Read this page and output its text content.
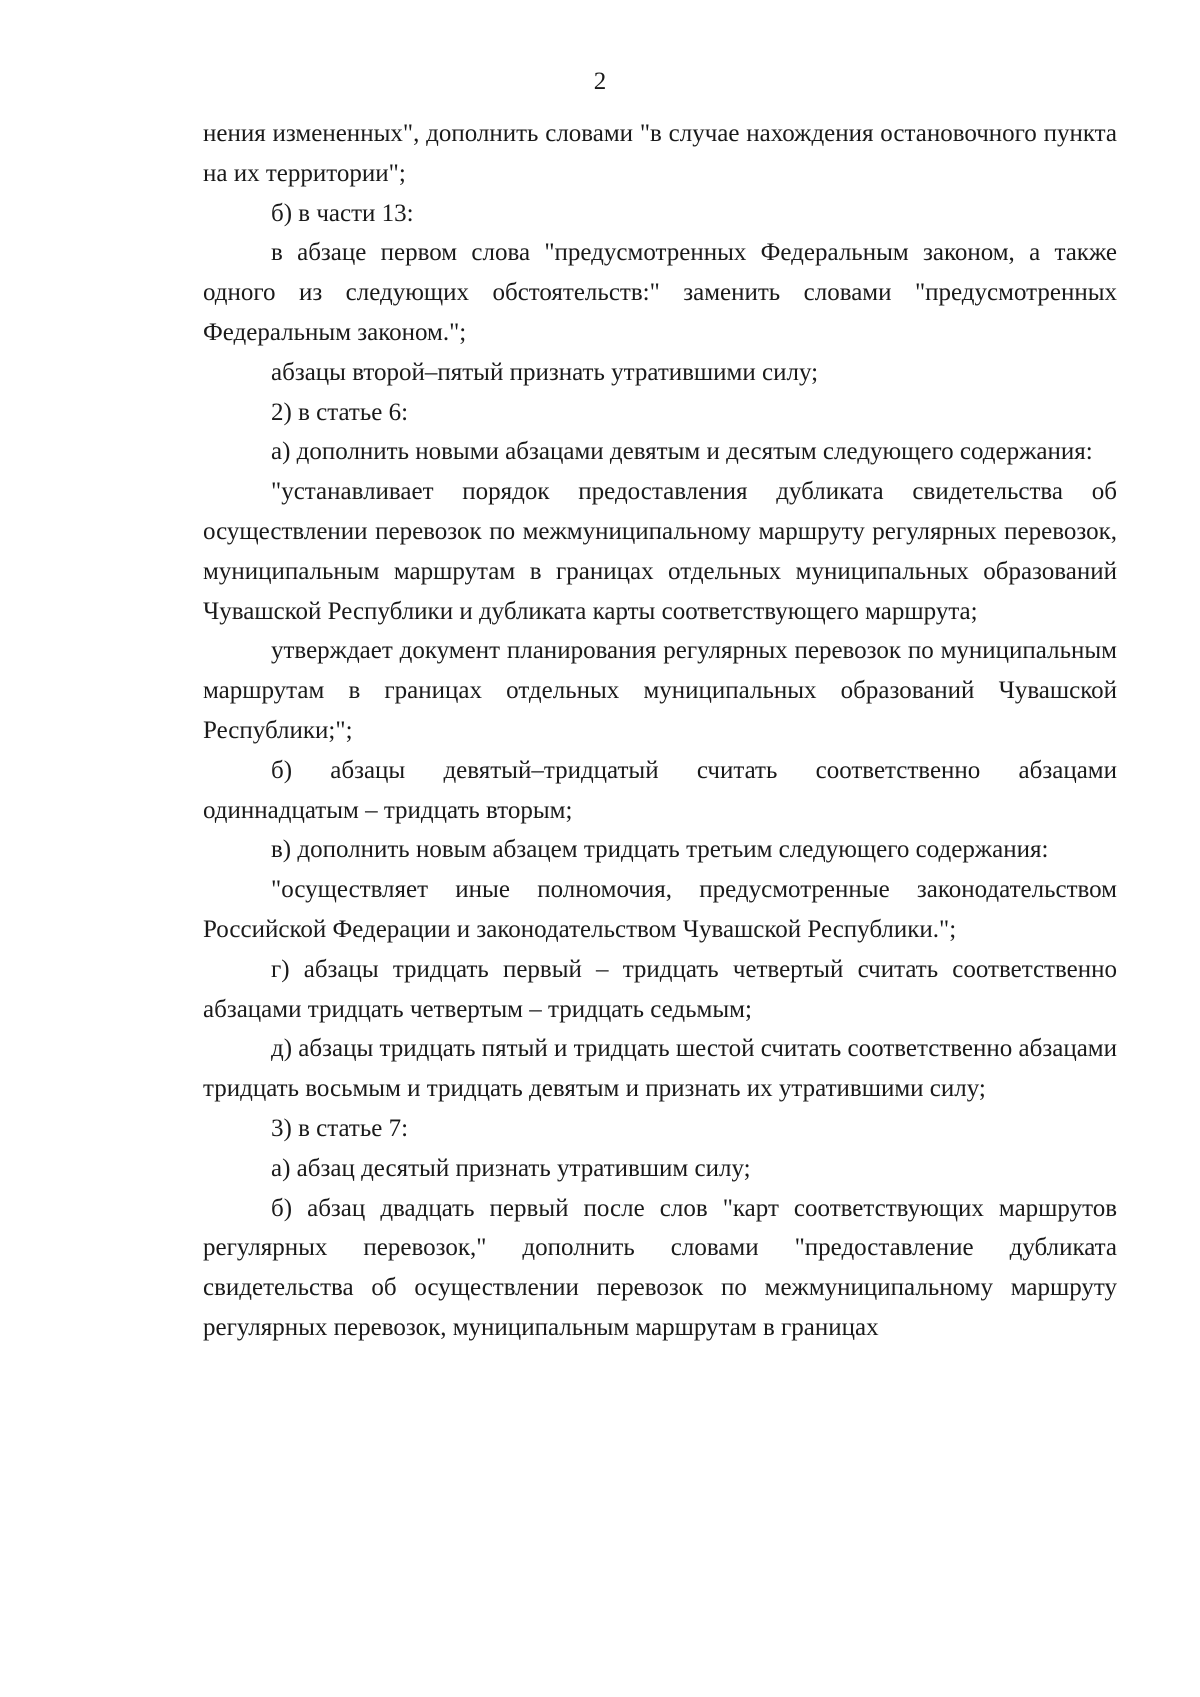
2

нения измененных", дополнить словами "в случае нахождения остановочного пункта на их территории";

б) в части 13:

в абзаце первом слова "предусмотренных Федеральным законом, а также одного из следующих обстоятельств:" заменить словами "предусмотренных Федеральным законом.";

абзацы второй–пятый признать утратившими силу;

2) в статье 6:

а) дополнить новыми абзацами девятым и десятым следующего содержания:

"устанавливает порядок предоставления дубликата свидетельства об осуществлении перевозок по межмуниципальному маршруту регулярных перевозок, муниципальным маршрутам в границах отдельных муниципальных образований Чувашской Республики и дубликата карты соответствующего маршрута;

утверждает документ планирования регулярных перевозок по муниципальным маршрутам в границах отдельных муниципальных образований Чувашской Республики;";

б) абзацы девятый–тридцатый считать соответственно абзацами одиннадцатым – тридцать вторым;

в) дополнить новым абзацем тридцать третьим следующего содержания:

"осуществляет иные полномочия, предусмотренные законодательством Российской Федерации и законодательством Чувашской Республики.";

г) абзацы тридцать первый – тридцать четвертый считать соответственно абзацами тридцать четвертым – тридцать седьмым;

д) абзацы тридцать пятый и тридцать шестой считать соответственно абзацами тридцать восьмым и тридцать девятым и признать их утратившими силу;

3) в статье 7:

а) абзац десятый признать утратившим силу;

б) абзац двадцать первый после слов "карт соответствующих маршрутов регулярных перевозок," дополнить словами "предоставление дубликата свидетельства об осуществлении перевозок по межмуниципальному маршруту регулярных перевозок, муниципальным маршрутам в границах
